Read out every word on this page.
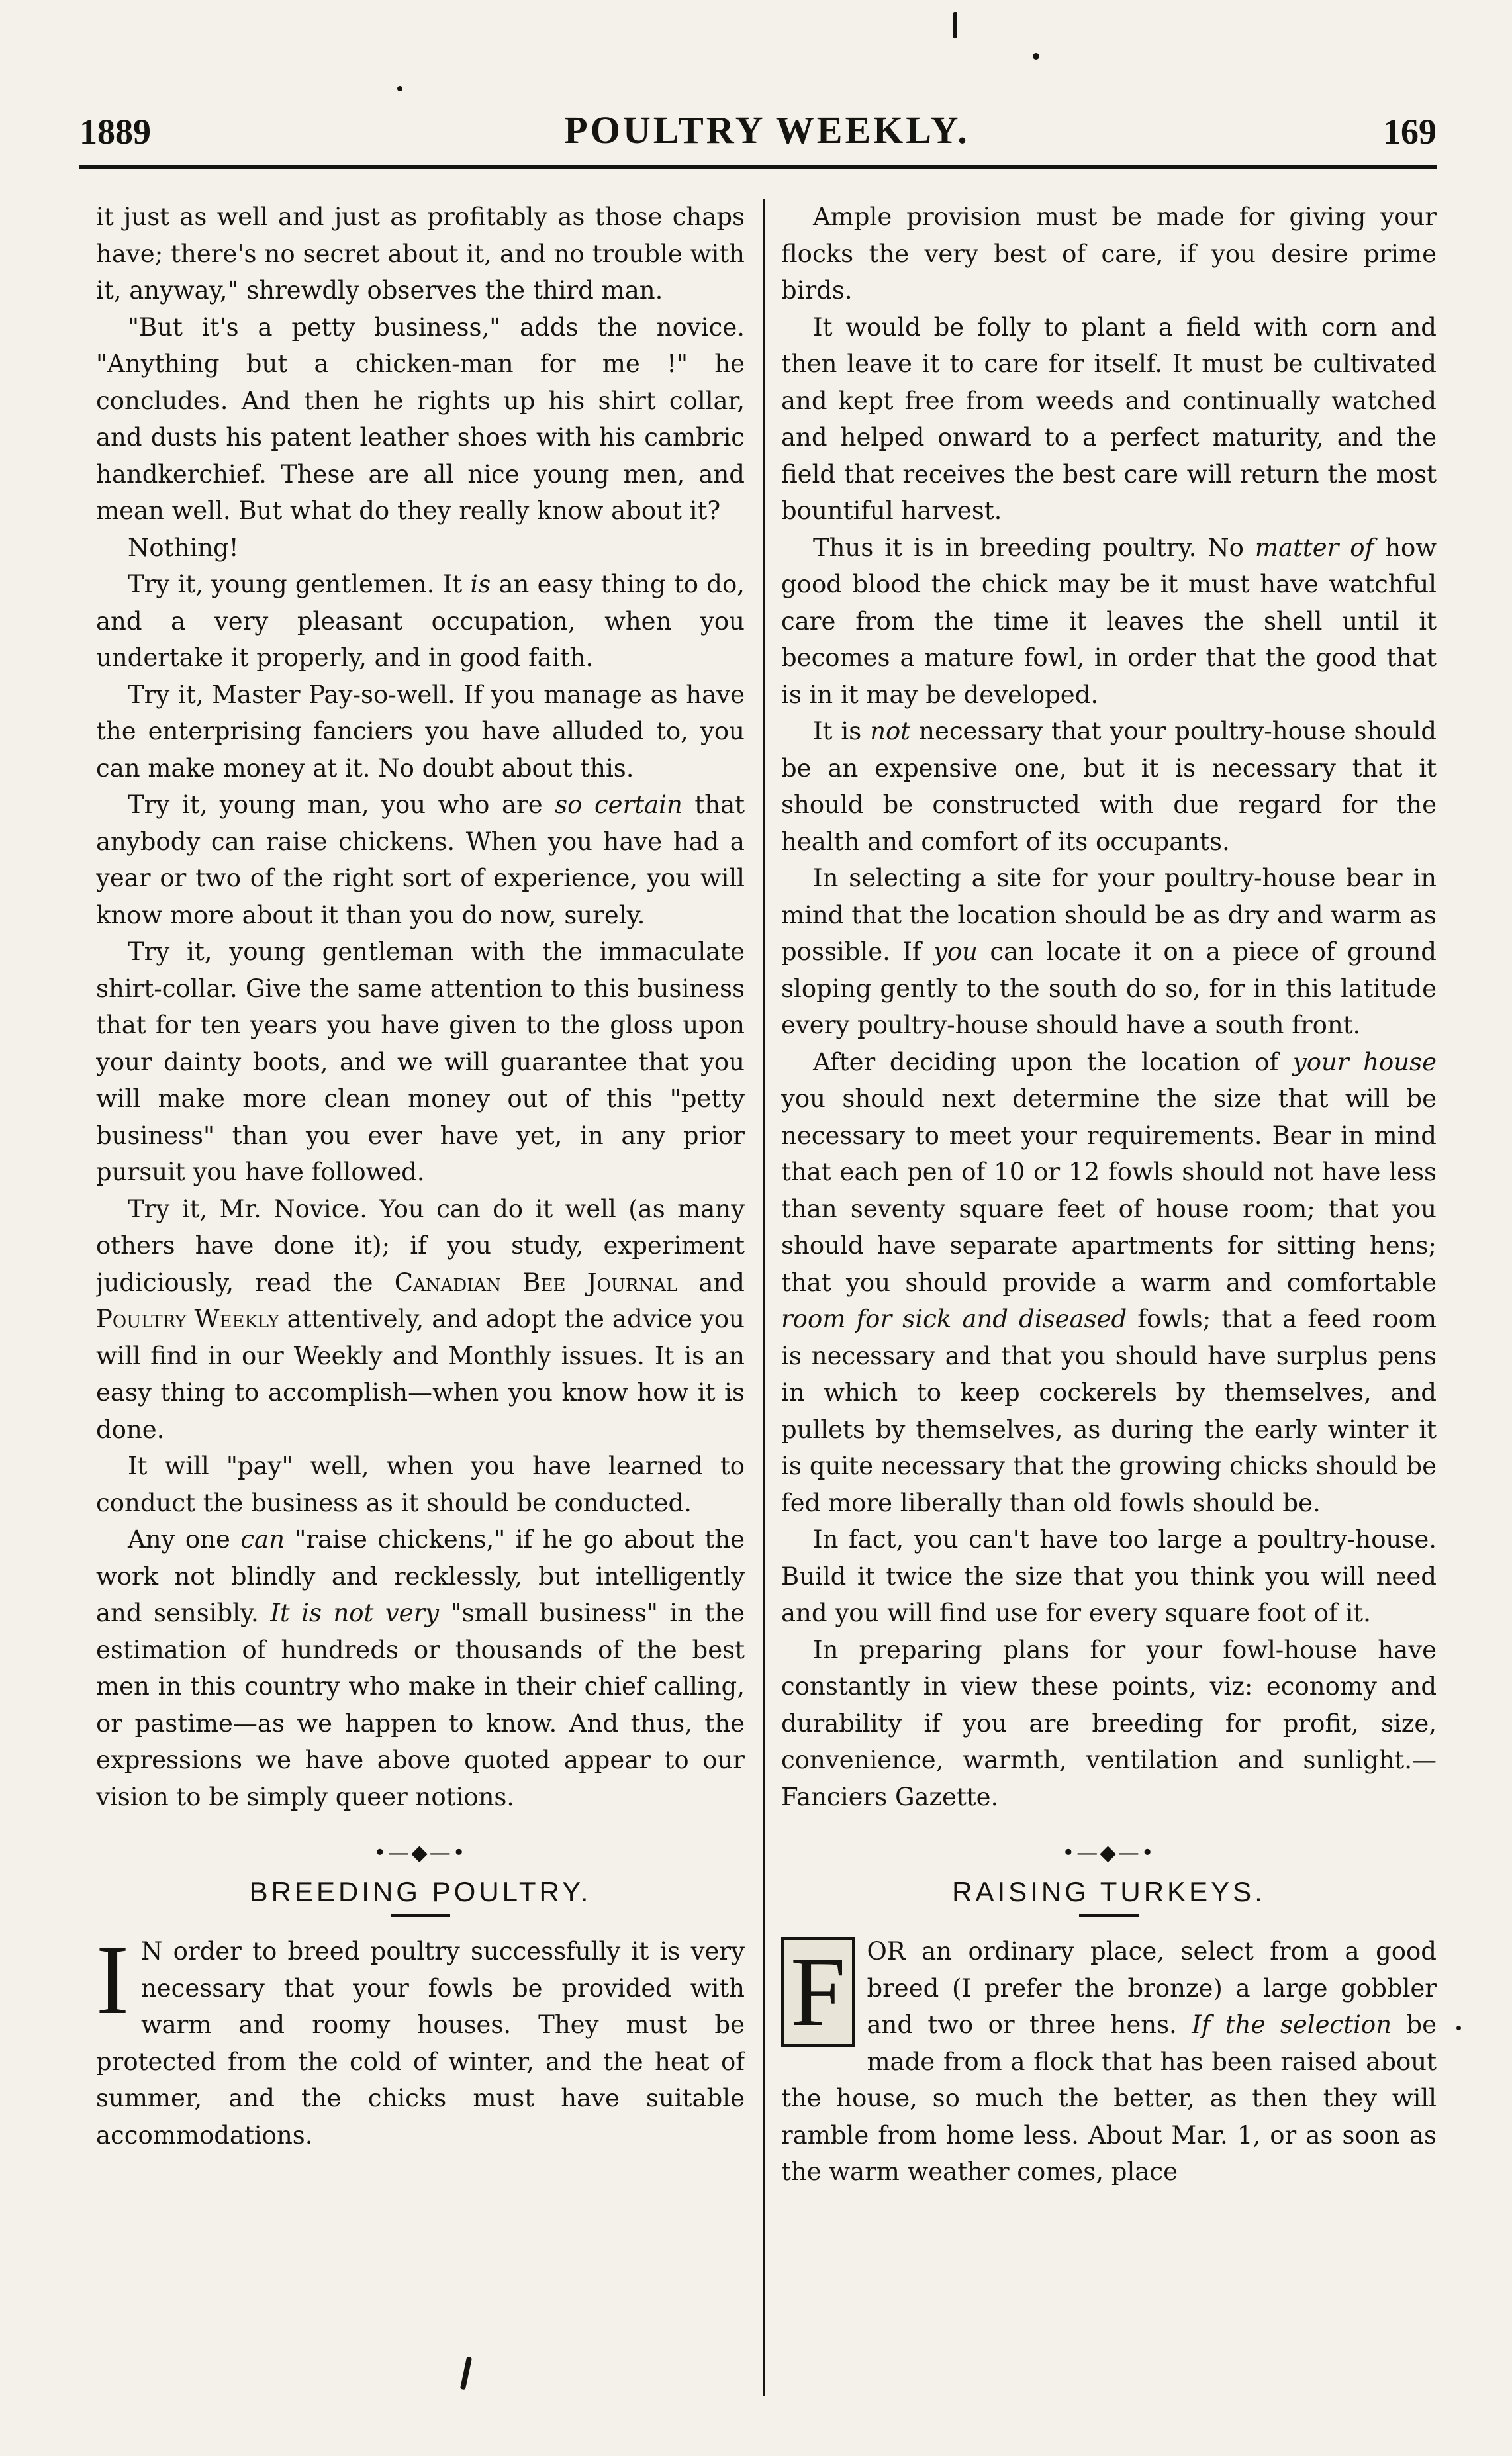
1889	POULTRY WEEKLY.	169

it just as well and just as profitably as those chaps have; there's no secret about it, and no trouble with it, anyway," shrewdly observes the third man.

"But it's a petty business," adds the novice. "Anything but a chicken-man for me !" he concludes. And then he rights up his shirt collar, and dusts his patent leather shoes with his cambric handkerchief. These are all nice young men, and mean well. But what do they really know about it?

Nothing!

Try it, young gentlemen. It is an easy thing to do, and a very pleasant occupation, when you undertake it properly, and in good faith.

Try it, Master Pay-so-well. If you manage as have the enterprising fanciers you have alluded to, you can make money at it. No doubt about this.

Try it, young man, you who are so certain that anybody can raise chickens. When you have had a year or two of the right sort of experience, you will know more about it than you do now, surely.

Try it, young gentleman with the immaculate shirt-collar. Give the same attention to this business that for ten years you have given to the gloss upon your dainty boots, and we will guarantee that you will make more clean money out of this "petty business" than you ever have yet, in any prior pursuit you have followed.

Try it, Mr. Novice. You can do it well (as many others have done it); if you study, experiment judiciously, read the Canadian Bee Journal and Poultry Weekly attentively, and adopt the advice you will find in our Weekly and Monthly issues. It is an easy thing to accomplish—when you know how it is done.

It will "pay" well, when you have learned to conduct the business as it should be conducted.

Any one can "raise chickens," if he go about the work not blindly and recklessly, but intelligently and sensibly. It is not very "small business" in the estimation of hundreds or thousands of the best men in this country who make in their chief calling, or pastime—as we happen to know. And thus, the expressions we have above quoted appear to our vision to be simply queer notions.

•—◆—•
BREEDING POULTRY.
I N order to breed poultry successfully it is very necessary that your fowls be provided with warm and roomy houses. They must be protected from the cold of winter, and the heat of summer, and the chicks must have suitable accommodations.

Ample provision must be made for giving your flocks the very best of care, if you desire prime birds.

It would be folly to plant a field with corn and then leave it to care for itself. It must be cultivated and kept free from weeds and continually watched and helped onward to a perfect maturity, and the field that receives the best care will return the most bountiful harvest.

Thus it is in breeding poultry. No matter of how good blood the chick may be it must have watchful care from the time it leaves the shell until it becomes a mature fowl, in order that the good that is in it may be developed.

It is not necessary that your poultry-house should be an expensive one, but it is necessary that it should be constructed with due regard for the health and comfort of its occupants.

In selecting a site for your poultry-house bear in mind that the location should be as dry and warm as possible. If you can locate it on a piece of ground sloping gently to the south do so, for in this latitude every poultry-house should have a south front.

After deciding upon the location of your house you should next determine the size that will be necessary to meet your requirements. Bear in mind that each pen of 10 or 12 fowls should not have less than seventy square feet of house room; that you should have separate apartments for sitting hens; that you should provide a warm and comfortable room for sick and diseased fowls; that a feed room is necessary and that you should have surplus pens in which to keep cockerels by themselves, and pullets by themselves, as during the early winter it is quite necessary that the growing chicks should be fed more liberally than old fowls should be.

In fact, you can't have too large a poultry-house. Build it twice the size that you think you will need and you will find use for every square foot of it.

In preparing plans for your fowl-house have constantly in view these points, viz: economy and durability if you are breeding for profit, size, convenience, warmth, ventilation and sunlight.—Fanciers Gazette.

•—◆—•
RAISING TURKEYS.
F OR an ordinary place, select from a good breed (I prefer the bronze) a large gobbler and two or three hens. If the selection be made from a flock that has been raised about the house, so much the better, as then they will ramble from home less. About Mar. 1, or as soon as the warm weather comes, place
